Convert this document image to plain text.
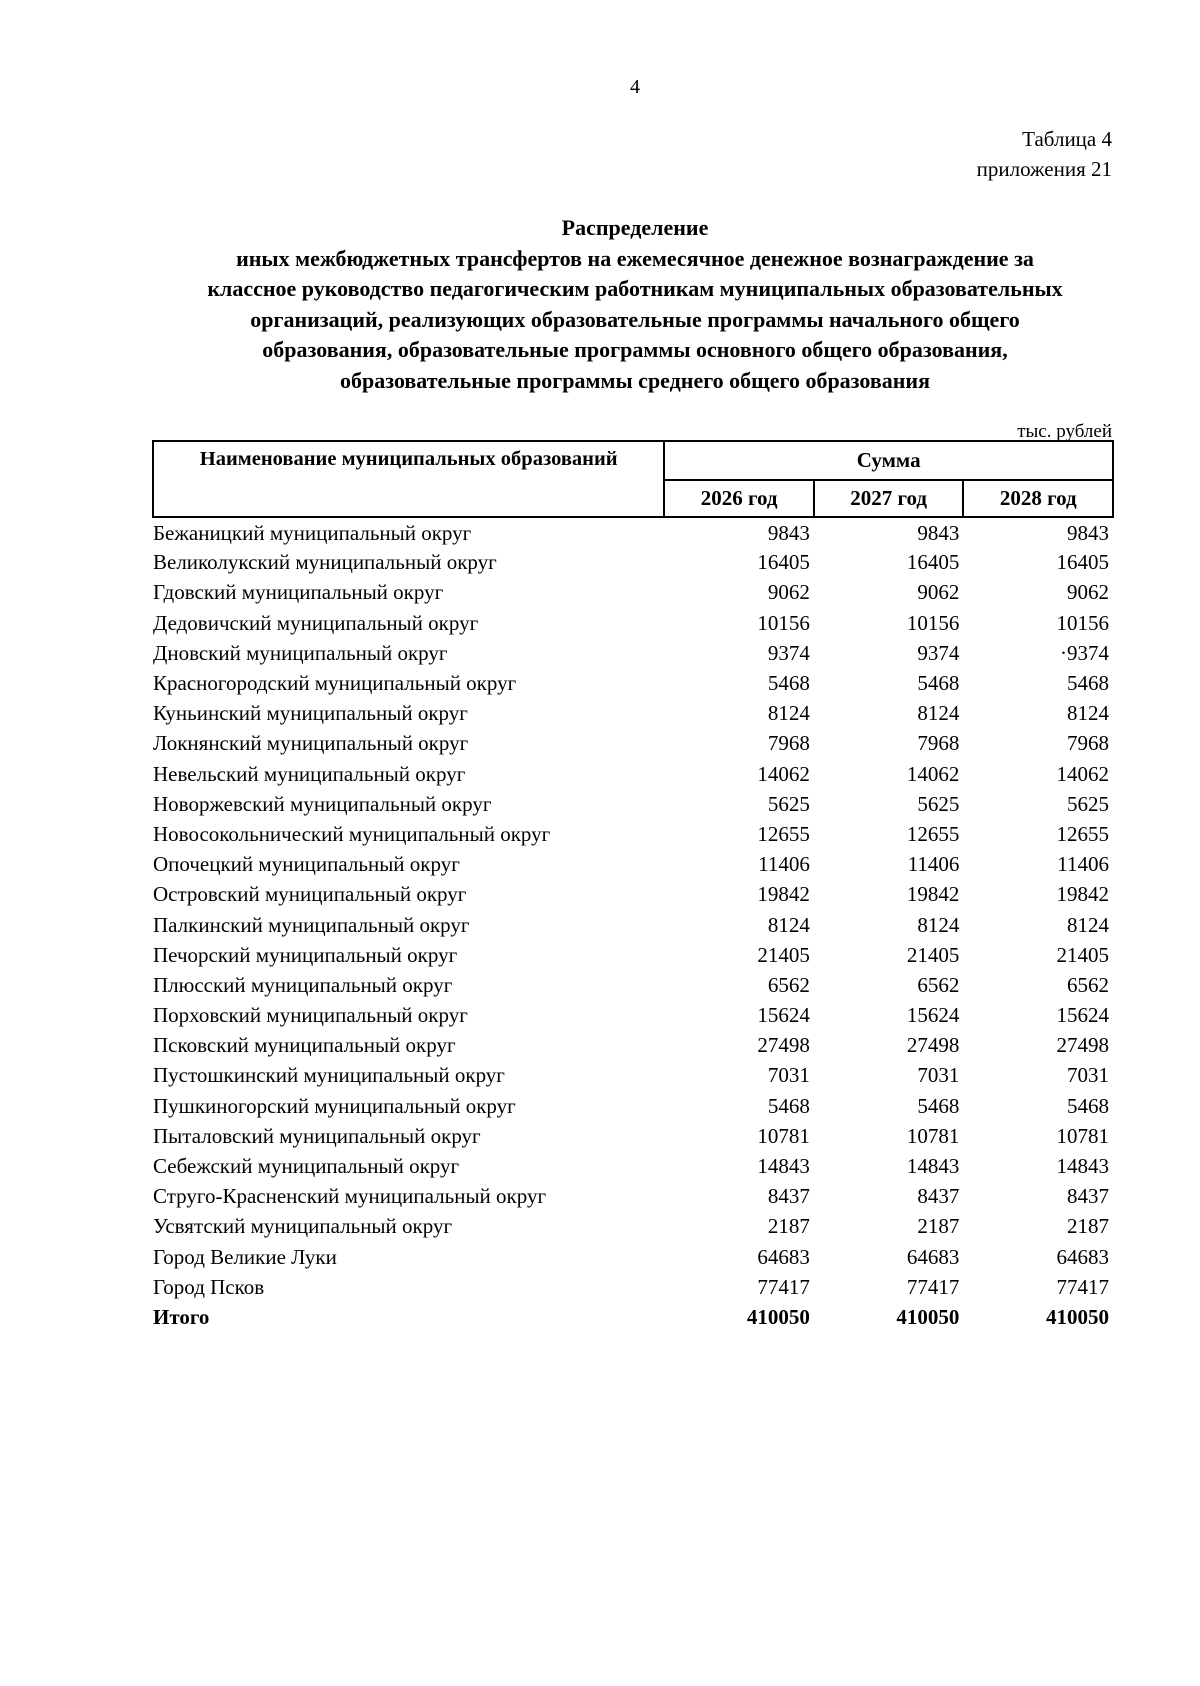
4
Таблица 4
приложения 21
Распределение
иных межбюджетных трансфертов на ежемесячное денежное вознаграждение за
классное руководство педагогическим работникам муниципальных образовательных
организаций, реализующих образовательные программы начального общего
образования, образовательные программы основного общего образования,
образовательные программы среднего общего образования
тыс. рублей
Наименование муниципальных образований	Сумма		
	2026 год	2027 год	2028 год
Бежаницкий муниципальный округ	9843	9843	9843
Великолукский муниципальный округ	16405	16405	16405
Гдовский муниципальный округ	9062	9062	9062
Дедовичский муниципальный округ	10156	10156	10156
Дновский муниципальный округ	9374	9374	·9374
Красногородский муниципальный округ	5468	5468	5468
Куньинский муниципальный округ	8124	8124	8124
Локнянский муниципальный округ	7968	7968	7968
Невельский муниципальный округ	14062	14062	14062
Новоржевский муниципальный округ	5625	5625	5625
Новосокольнический муниципальный округ	12655	12655	12655
Опочецкий муниципальный округ	11406	11406	11406
Островский муниципальный округ	19842	19842	19842
Палкинский муниципальный округ	8124	8124	8124
Печорский муниципальный округ	21405	21405	21405
Плюсский муниципальный округ	6562	6562	6562
Порховский муниципальный округ	15624	15624	15624
Псковский муниципальный округ	27498	27498	27498
Пустошкинский муниципальный округ	7031	7031	7031
Пушкиногорский муниципальный округ	5468	5468	5468
Пыталовский муниципальный округ	10781	10781	10781
Себежский муниципальный округ	14843	14843	14843
Струго-Красненский муниципальный округ	8437	8437	8437
Усвятский муниципальный округ	2187	2187	2187
Город Великие Луки	64683	64683	64683
Город Псков	77417	77417	77417
Итого	410050	410050	410050
